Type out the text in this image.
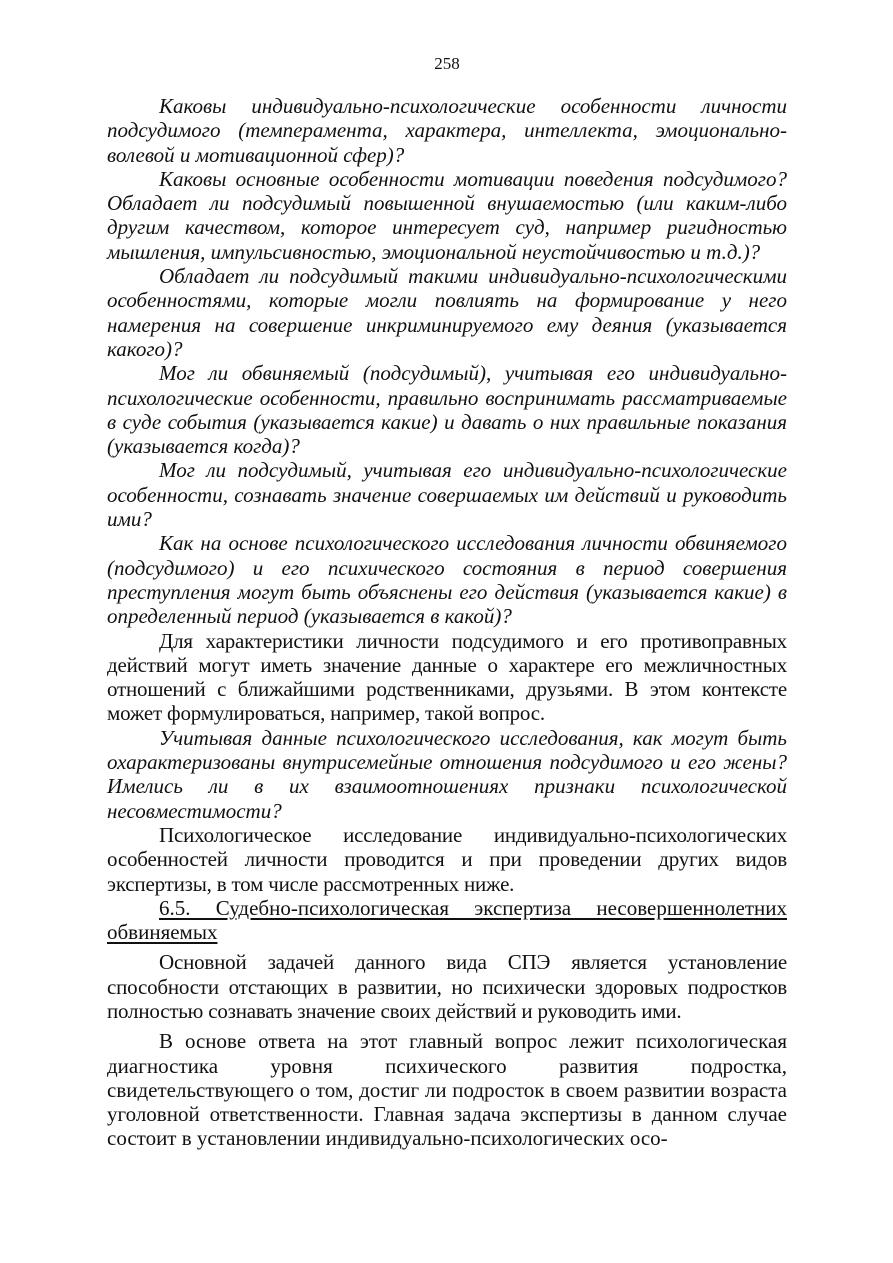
258

Каковы индивидуально-психологические особенности личности подсудимого (темперамента, характера, интеллекта, эмоционально-волевой и мотивационной сфер)?

Каковы основные особенности мотивации поведения подсудимого? Обладает ли подсудимый повышенной внушаемостью (или каким-либо другим качеством, которое интересует суд, например ригидностью мышления, импульсивностью, эмоциональной неустойчивостью и т.д.)?

Обладает ли подсудимый такими индивидуально-психологическими особенностями, которые могли повлиять на формирование у него намерения на совершение инкриминируемого ему деяния (указывается какого)?

Мог ли обвиняемый (подсудимый), учитывая его индивидуально-психологические особенности, правильно воспринимать рассматриваемые в суде события (указывается какие) и давать о них правильные показания (указывается когда)?

Мог ли подсудимый, учитывая его индивидуально-психологические особенности, сознавать значение совершаемых им действий и руководить ими?

Как на основе психологического исследования личности обвиняемого (подсудимого) и его психического состояния в период совершения преступления могут быть объяснены его действия (указывается какие) в определенный период (указывается в какой)?

Для характеристики личности подсудимого и его противоправных действий могут иметь значение данные о характере его межличностных отношений с ближайшими родственниками, друзьями. В этом контексте может формулироваться, например, такой вопрос.

Учитывая данные психологического исследования, как могут быть охарактеризованы внутрисемейные отношения подсудимого и его жены? Имелись ли в их взаимоотношениях признаки психологической несовместимости?

Психологическое исследование индивидуально-психологических особенностей личности проводится и при проведении других видов экспертизы, в том числе рассмотренных ниже.

6.5. Судебно-психологическая экспертиза несовершеннолетних обвиняемых

Основной задачей данного вида СПЭ является установление способности отстающих в развитии, но психически здоровых подростков полностью сознавать значение своих действий и руководить ими.

В основе ответа на этот главный вопрос лежит психологическая диагностика уровня психического развития подростка, свидетельствующего о том, достиг ли подросток в своем развитии возраста уголовной ответственности. Главная задача экспертизы в данном случае состоит в установлении индивидуально-психологических осо-
